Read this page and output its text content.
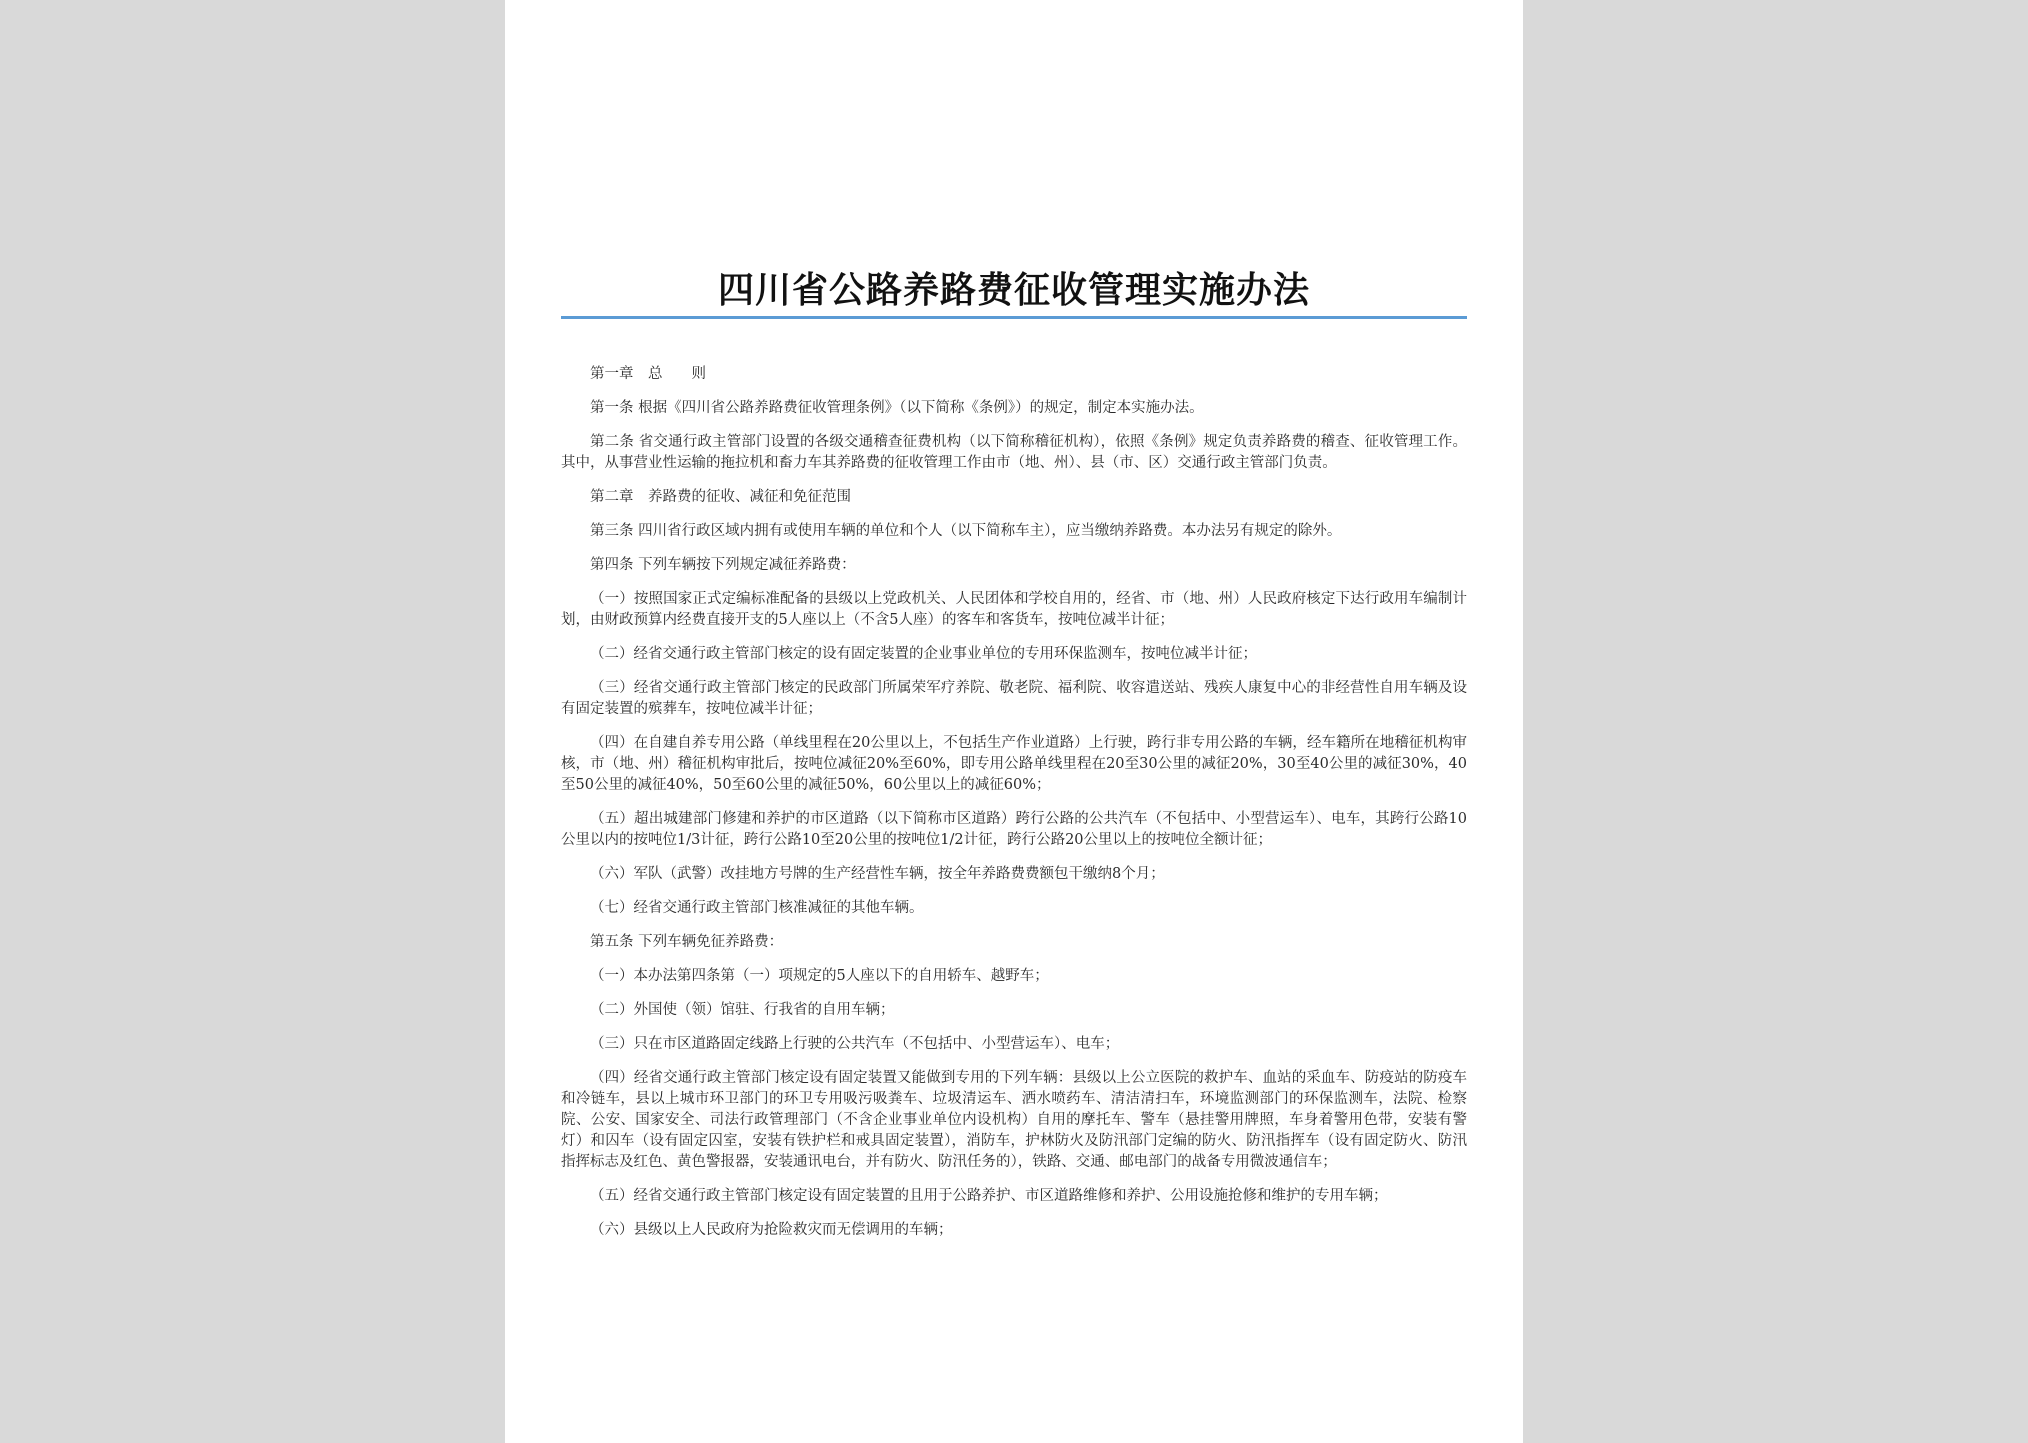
四川省公路养路费征收管理实施办法

第一章　总　　则

第一条 根据《四川省公路养路费征收管理条例》（以下简称《条例》）的规定，制定本实施办法。

第二条 省交通行政主管部门设置的各级交通稽查征费机构（以下简称稽征机构），依照《条例》规定负责养路费的稽查、征收管理工作。其中，从事营业性运输的拖拉机和畜力车其养路费的征收管理工作由市（地、州）、县（市、区）交通行政主管部门负责。

第二章　养路费的征收、减征和免征范围

第三条 四川省行政区域内拥有或使用车辆的单位和个人（以下简称车主），应当缴纳养路费。本办法另有规定的除外。

第四条 下列车辆按下列规定减征养路费：

（一）按照国家正式定编标准配备的县级以上党政机关、人民团体和学校自用的，经省、市（地、州）人民政府核定下达行政用车编制计划，由财政预算内经费直接开支的5人座以上（不含5人座）的客车和客货车，按吨位减半计征；

（二）经省交通行政主管部门核定的设有固定装置的企业事业单位的专用环保监测车，按吨位减半计征；

（三）经省交通行政主管部门核定的民政部门所属荣军疗养院、敬老院、福利院、收容遣送站、残疾人康复中心的非经营性自用车辆及设有固定装置的殡葬车，按吨位减半计征；

（四）在自建自养专用公路（单线里程在20公里以上，不包括生产作业道路）上行驶，跨行非专用公路的车辆，经车籍所在地稽征机构审核，市（地、州）稽征机构审批后，按吨位减征20%至60%，即专用公路单线里程在20至30公里的减征20%，30至40公里的减征30%，40至50公里的减征40%，50至60公里的减征50%，60公里以上的减征60%；

（五）超出城建部门修建和养护的市区道路（以下简称市区道路）跨行公路的公共汽车（不包括中、小型营运车）、电车，其跨行公路10公里以内的按吨位1/3计征，跨行公路10至20公里的按吨位1/2计征，跨行公路20公里以上的按吨位全额计征；

（六）军队（武警）改挂地方号牌的生产经营性车辆，按全年养路费费额包干缴纳8个月；

（七）经省交通行政主管部门核准减征的其他车辆。

第五条 下列车辆免征养路费：

（一）本办法第四条第（一）项规定的5人座以下的自用轿车、越野车；

（二）外国使（领）馆驻、行我省的自用车辆；

（三）只在市区道路固定线路上行驶的公共汽车（不包括中、小型营运车）、电车；

（四）经省交通行政主管部门核定设有固定装置又能做到专用的下列车辆：县级以上公立医院的救护车、血站的采血车、防疫站的防疫车和冷链车，县以上城市环卫部门的环卫专用吸污吸粪车、垃圾清运车、洒水喷药车、清洁清扫车，环境监测部门的环保监测车，法院、检察院、公安、国家安全、司法行政管理部门（不含企业事业单位内设机构）自用的摩托车、警车（悬挂警用牌照，车身着警用色带，安装有警灯）和囚车（设有固定囚室，安装有铁护栏和戒具固定装置），消防车，护林防火及防汛部门定编的防火、防汛指挥车（设有固定防火、防汛指挥标志及红色、黄色警报器，安装通讯电台，并有防火、防汛任务的），铁路、交通、邮电部门的战备专用微波通信车；

（五）经省交通行政主管部门核定设有固定装置的且用于公路养护、市区道路维修和养护、公用设施抢修和维护的专用车辆；

（六）县级以上人民政府为抢险救灾而无偿调用的车辆；
